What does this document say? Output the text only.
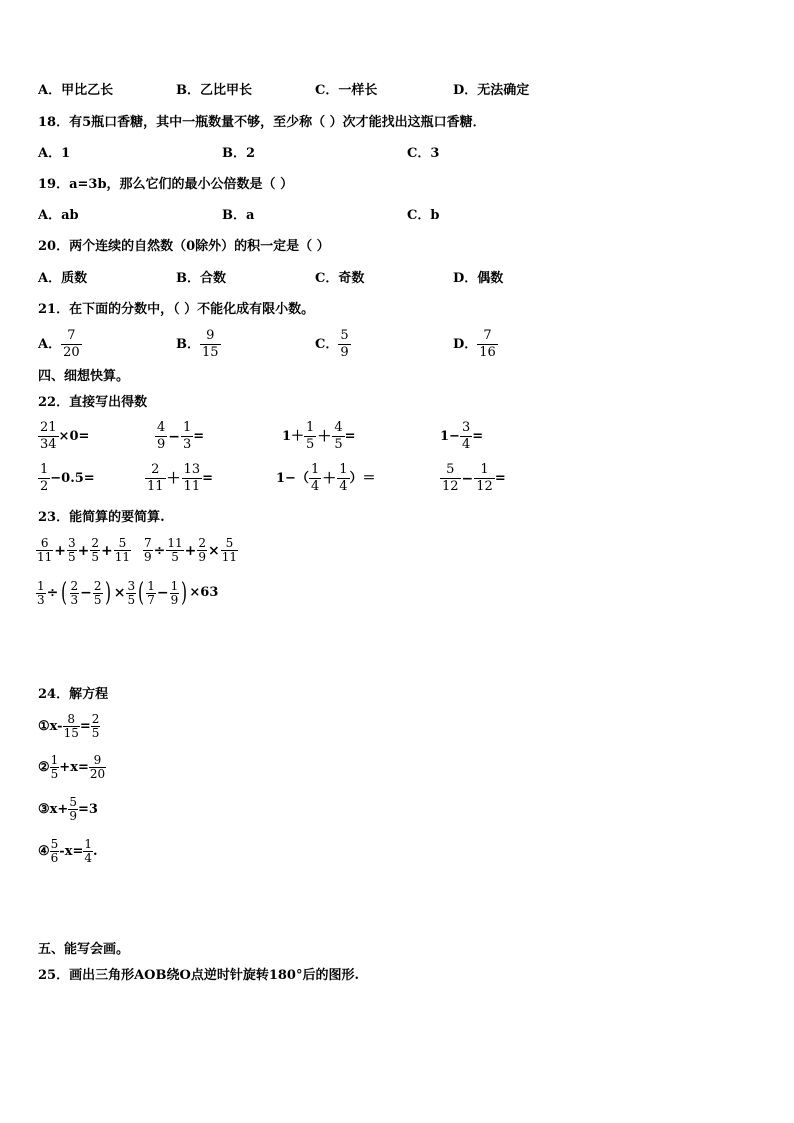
A．甲比乙长	B．乙比甲长	C．一样长	D．无法确定
18．有5瓶口香糖，其中一瓶数量不够，至少称（ ）次才能找出这瓶口香糖．
A．1	B．2	C．3
19．a=3b，那么它们的最小公倍数是（ ）
A．ab	B．a	C．b
20．两个连续的自然数（0除外）的积一定是（ ）
A．质数	B．合数	C．奇数	D．偶数
21．在下面的分数中，（ ）不能化成有限小数。
A． $\frac{7}{20}$	B． $\frac{9}{15}$	C． $\frac{5}{9}$	D． $\frac{7}{16}$
四、细想快算。
22．直接写出得数
$\frac{21}{34} \times 0=$	$\frac{4}{9} - \frac{1}{3}$ =	$1+ \frac{1}{5} + \frac{4}{5}$ =	$1- \frac{3}{4}$ =
$\frac{1}{2} -0.5=$	$\frac{2}{11} + \frac{13}{11}$ =	$1-( \frac{1}{4} + \frac{1}{4}$ ）＝	$\frac{5}{12} - \frac{1}{12}$ =
23．能简算的要简算.
$\frac{6}{11} + \frac{3}{5} + \frac{2}{5} + \frac{5}{11} \frac{7}{9} \div \frac{11}{5} + \frac{2}{9} \times \frac{5}{11}$
$\frac{1}{3}$ ÷ ( $\frac{2}{3} - \frac{2}{5}$ ) × $\frac{3}{5}$ ( $\frac{1}{7} - \frac{1}{9}$ ) ×63
24．解方程
① $x- \frac{8}{15} = \frac{2}{5}$
② $\frac{1}{5} +x= \frac{9}{20}$
③ $x+ \frac{5}{9} =3$
④ $\frac{5}{6} -x= \frac{1}{4}$ .
五、能写会画。
25．画出三角形AOB绕O点逆时针旋转180°后的图形.
